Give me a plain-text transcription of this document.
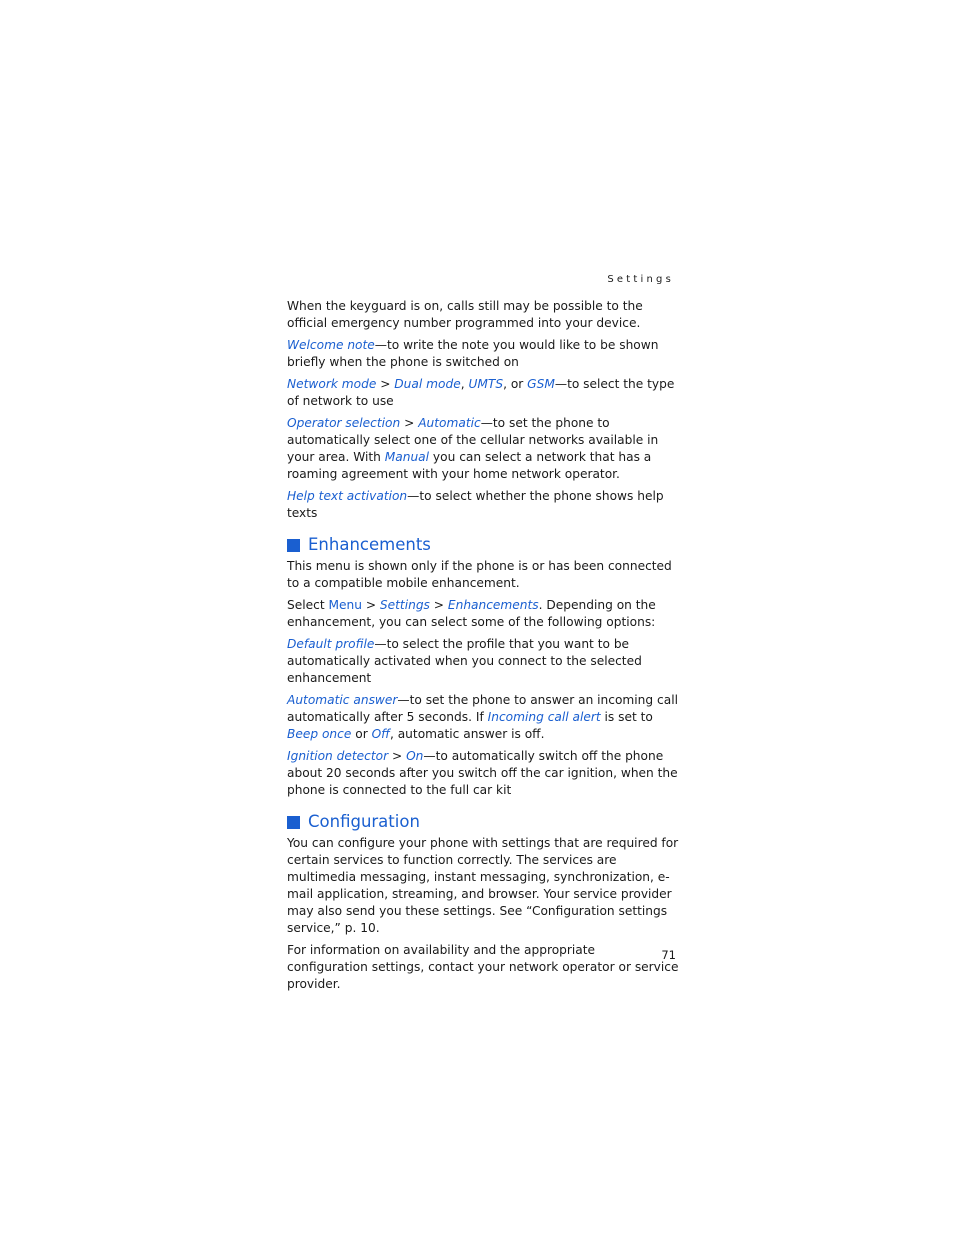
Settings

When the keyguard is on, calls still may be possible to the official emergency number programmed into your device.

Welcome note—to write the note you would like to be shown briefly when the phone is switched on

Network mode > Dual mode, UMTS, or GSM—to select the type of network to use

Operator selection > Automatic—to set the phone to automatically select one of the cellular networks available in your area. With Manual you can select a network that has a roaming agreement with your home network operator.

Help text activation—to select whether the phone shows help texts

Enhancements

This menu is shown only if the phone is or has been connected to a compatible mobile enhancement.

Select Menu > Settings > Enhancements. Depending on the enhancement, you can select some of the following options:

Default profile—to select the profile that you want to be automatically activated when you connect to the selected enhancement

Automatic answer—to set the phone to answer an incoming call automatically after 5 seconds. If Incoming call alert is set to Beep once or Off, automatic answer is off.

Ignition detector > On—to automatically switch off the phone about 20 seconds after you switch off the car ignition, when the phone is connected to the full car kit

Configuration

You can configure your phone with settings that are required for certain services to function correctly. The services are multimedia messaging, instant messaging, synchronization, e-mail application, streaming, and browser. Your service provider may also send you these settings. See “Configuration settings service,” p. 10.

For information on availability and the appropriate configuration settings, contact your network operator or service provider.

71
